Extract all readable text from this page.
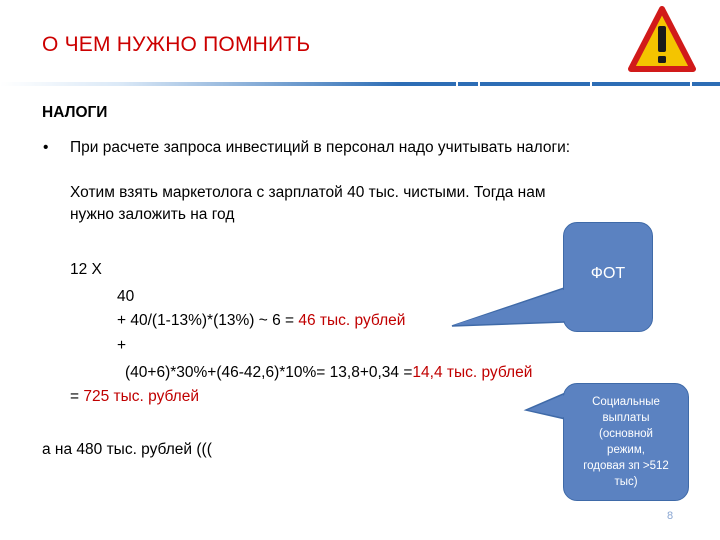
О ЧЕМ НУЖНО ПОМНИТЬ
НАЛОГИ
• При расчете запроса инвестиций в персонал надо учитывать налоги:
Хотим взять маркетолога с зарплатой 40 тыс. чистыми. Тогда нам
нужно заложить на год
12 Х
40
+ 40/(1-13%)*(13%) ~ 6 = 46 тыс. рублей
+
(40+6)*30%+(46-42,6)*10%= 13,8+0,34 =14,4 тыс. рублей
= 725 тыс. рублей
а на 480 тыс. рублей (((
ФОТ
Социальные
выплаты
(основной
режим,
годовая зп >512
тыс)
8
